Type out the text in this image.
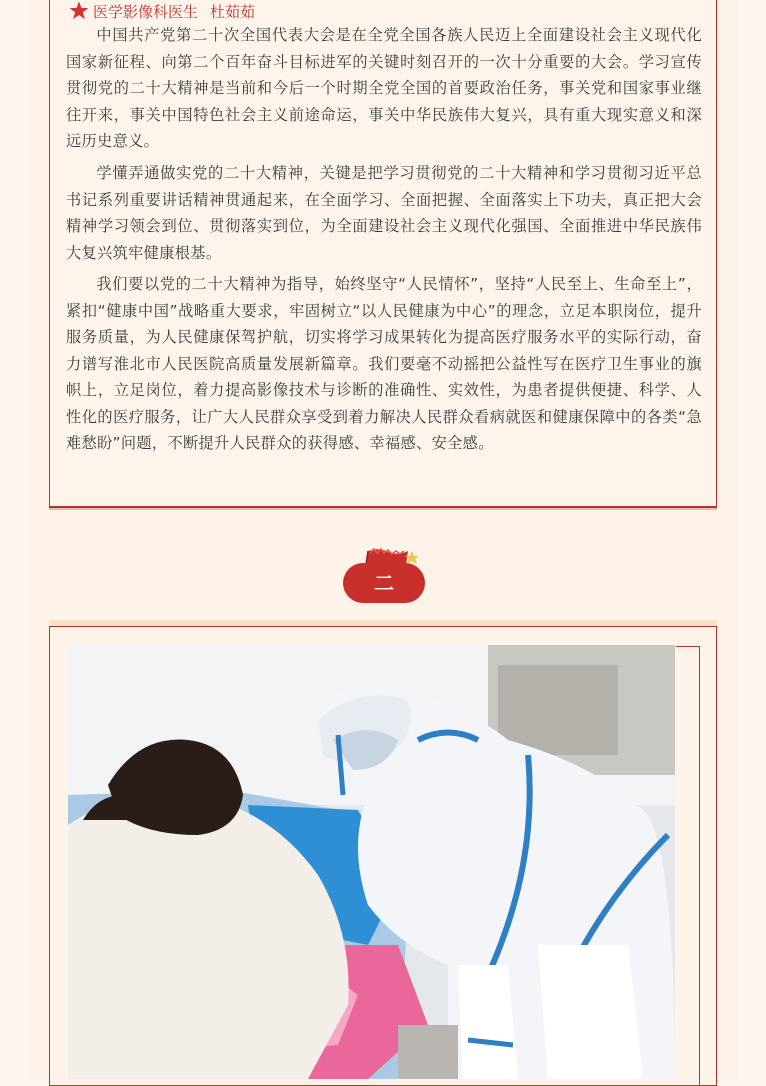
医学影像科医生 杜茹茹
中国共产党第二十次全国代表大会是在全党全国各族人民迈上全面建设社会主义现代化国家新征程、向第二个百年奋斗目标进军的关键时刻召开的一次十分重要的大会。学习宣传贯彻党的二十大精神是当前和今后一个时期全党全国的首要政治任务，事关党和国家事业继往开来，事关中国特色社会主义前途命运，事关中华民族伟大复兴，具有重大现实意义和深远历史意义。
学懂弄通做实党的二十大精神，关键是把学习贯彻党的二十大精神和学习贯彻习近平总书记系列重要讲话精神贯通起来，在全面学习、全面把握、全面落实上下功夫，真正把大会精神学习领会到位、贯彻落实到位，为全面建设社会主义现代化强国、全面推进中华民族伟大复兴筑牢健康根基。
我们要以党的二十大精神为指导，始终坚守“人民情怀”，坚持“人民至上、生命至上”，紧扣“健康中国”战略重大要求，牢固树立“以人民健康为中心”的理念，立足本职岗位，提升服务质量，为人民健康保驾护航，切实将学习成果转化为提高医疗服务水平的实际行动，奋力谱写淮北市人民医院高质量发展新篇章。我们要毫不动摇把公益性写在医疗卫生事业的旗帜上，立足岗位，着力提高影像技术与诊断的准确性、实效性，为患者提供便捷、科学、人性化的医疗服务，让广大人民群众享受到着力解决人民群众看病就医和健康保障中的各类“急难愁盼”问题，不断提升人民群众的获得感、幸福感、安全感。
二
